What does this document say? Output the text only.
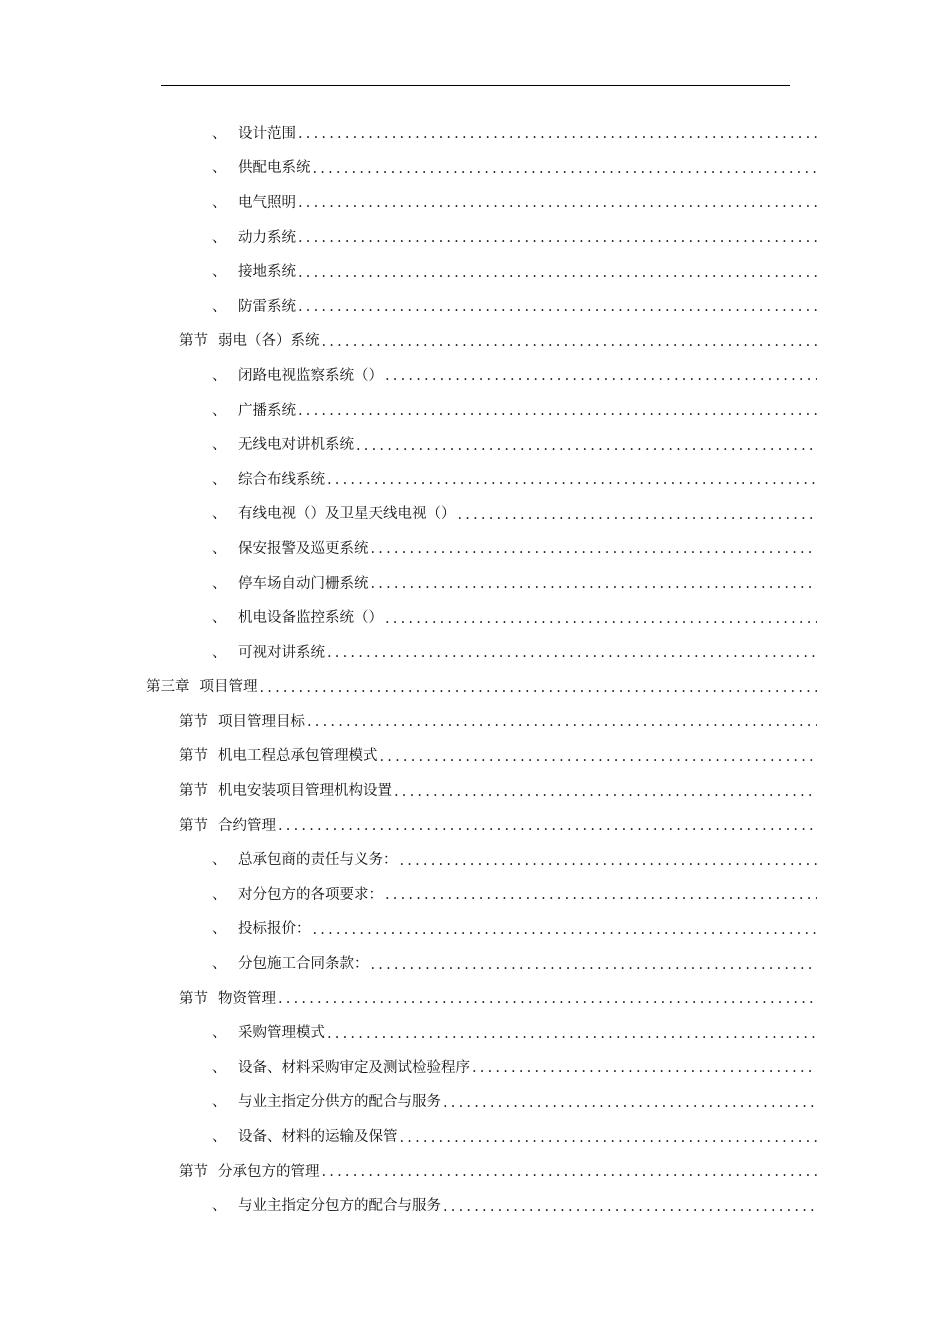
、 设计范围
.....
、 供配电系统
.....
、 电气照明
.....
、 动力系统
.....
、 接地系统
.....
、 防雷系统
.....
第节 弱电（各）系统
.....
、 闭路电视监察系统（）
.....
、 广播系统
.....
、 无线电对讲机系统
.....
、 综合布线系统
.....
、 有线电视（）及卫星天线电视（）
.....
、 保安报警及巡更系统
.....
、 停车场自动门栅系统
.....
、 机电设备监控系统（）
.....
、 可视对讲系统
.....
第三章 项目管理
.....
第节 项目管理目标
.....
第节 机电工程总承包管理模式
.....
第节 机电安装项目管理机构设置
.....
第节 合约管理
.....
、 总承包商的责任与义务：
.....
、 对分包方的各项要求：
.....
、 投标报价：
.....
、 分包施工合同条款：
.....
第节 物资管理
.....
、 采购管理模式
.....
、 设备、材料采购审定及测试检验程序
.....
、 与业主指定分供方的配合与服务
.....
、 设备、材料的运输及保管
.....
第节 分承包方的管理
.....
、 与业主指定分包方的配合与服务
.....
